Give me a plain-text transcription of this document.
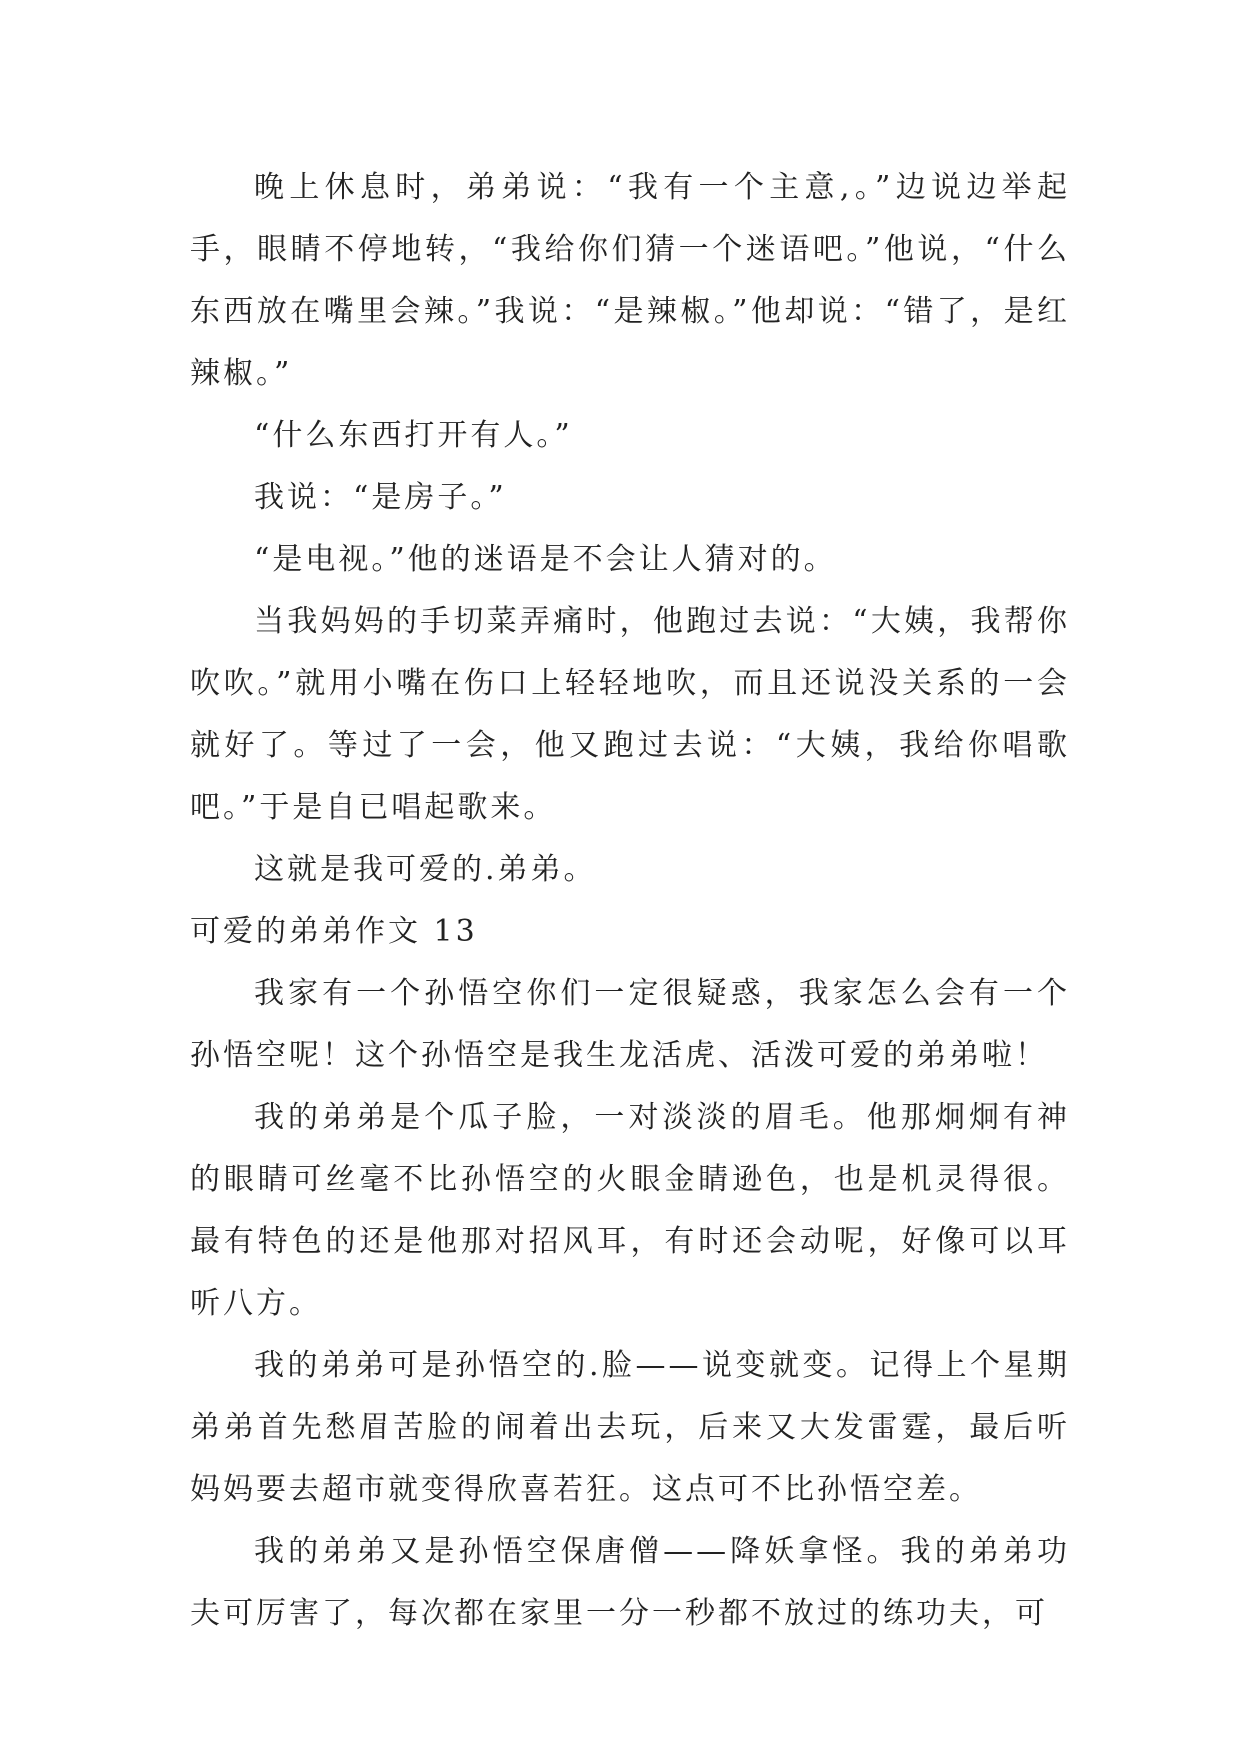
晚上休息时，弟弟说：“我有一个主意,。”边说边举起手，眼睛不停地转，“我给你们猜一个迷语吧。”他说，“什么东西放在嘴里会辣。”我说：“是辣椒。”他却说：“错了，是红辣椒。”

“什么东西打开有人。”

我说：“是房子。”

“是电视。”他的迷语是不会让人猜对的。

当我妈妈的手切菜弄痛时，他跑过去说：“大姨，我帮你吹吹。”就用小嘴在伤口上轻轻地吹，而且还说没关系的一会就好了。等过了一会，他又跑过去说：“大姨，我给你唱歌吧。”于是自已唱起歌来。

这就是我可爱的.弟弟。

可爱的弟弟作文 13

我家有一个孙悟空你们一定很疑惑，我家怎么会有一个孙悟空呢！这个孙悟空是我生龙活虎、活泼可爱的弟弟啦！

我的弟弟是个瓜子脸，一对淡淡的眉毛。他那炯炯有神的眼睛可丝毫不比孙悟空的火眼金睛逊色，也是机灵得很。最有特色的还是他那对招风耳，有时还会动呢，好像可以耳听八方。

我的弟弟可是孙悟空的.脸——说变就变。记得上个星期弟弟首先愁眉苦脸的闹着出去玩，后来又大发雷霆，最后听妈妈要去超市就变得欣喜若狂。这点可不比孙悟空差。

我的弟弟又是孙悟空保唐僧——降妖拿怪。我的弟弟功夫可厉害了，每次都在家里一分一秒都不放过的练功夫，可
